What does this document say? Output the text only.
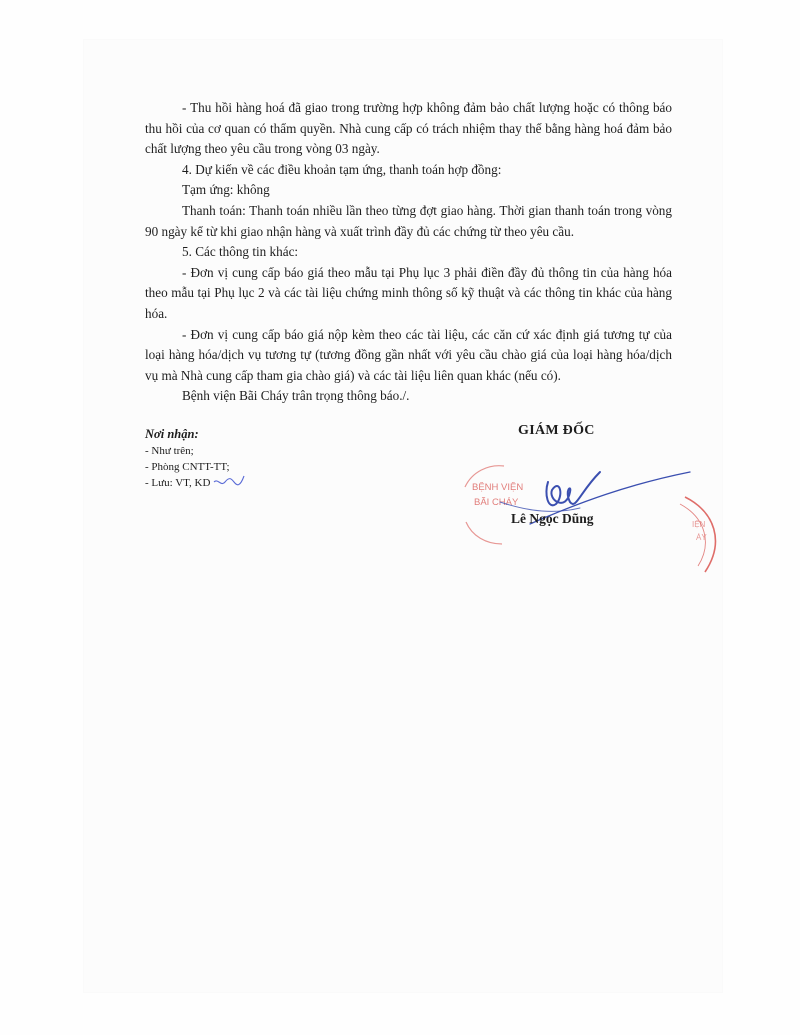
- Thu hồi hàng hoá đã giao trong trường hợp không đảm bảo chất lượng hoặc có thông báo thu hồi của cơ quan có thẩm quyền. Nhà cung cấp có trách nhiệm thay thế bằng hàng hoá đảm bảo chất lượng theo yêu cầu trong vòng 03 ngày.

4. Dự kiến về các điều khoản tạm ứng, thanh toán hợp đồng:

Tạm ứng: không

Thanh toán: Thanh toán nhiều lần theo từng đợt giao hàng. Thời gian thanh toán trong vòng 90 ngày kể từ khi giao nhận hàng và xuất trình đầy đủ các chứng từ theo yêu cầu.

5. Các thông tin khác:

- Đơn vị cung cấp báo giá theo mẫu tại Phụ lục 3 phải điền đầy đủ thông tin của hàng hóa theo mẫu tại Phụ lục 2 và các tài liệu chứng minh thông số kỹ thuật và các thông tin khác của hàng hóa.

- Đơn vị cung cấp báo giá nộp kèm theo các tài liệu, các căn cứ xác định giá tương tự của loại hàng hóa/dịch vụ tương tự (tương đồng gần nhất với yêu cầu chào giá của loại hàng hóa/dịch vụ mà Nhà cung cấp tham gia chào giá) và các tài liệu liên quan khác (nếu có).

Bệnh viện Bãi Cháy trân trọng thông báo./.

Nơi nhận:
- Như trên;
- Phòng CNTT-TT;
- Lưu: VT, KD	BỆNH VIỆN
BÃI CHÁY
IỆN
ÁY
GIÁM ĐỐC
Lê Ngọc Dũng
